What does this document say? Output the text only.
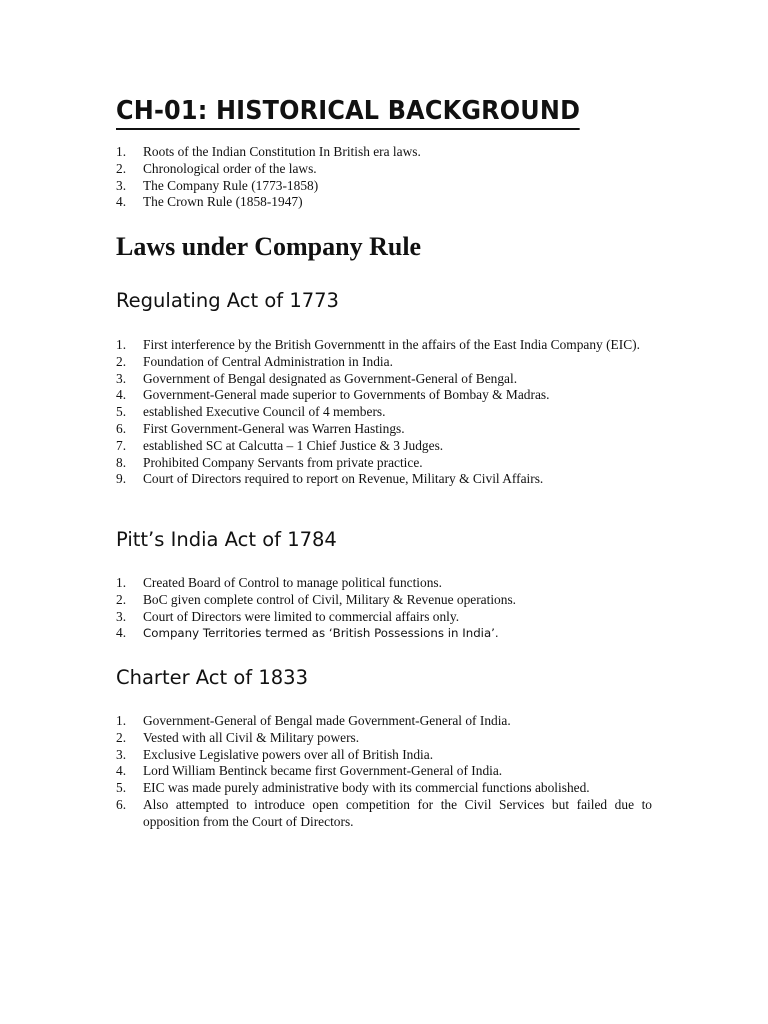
CH-01: HISTORICAL BACKGROUND
1. Roots of the Indian Constitution In British era laws.
2. Chronological order of the laws.
3. The Company Rule (1773-1858)
4. The Crown Rule (1858-1947)
Laws under Company Rule
Regulating Act of 1773
1. First interference by the British Governmentt in the affairs of the East India Company (EIC).
2. Foundation of Central Administration in India.
3. Government of Bengal designated as Government-General of Bengal.
4. Government-General made superior to Governments of Bombay & Madras.
5. established Executive Council of 4 members.
6. First Government-General was Warren Hastings.
7. established SC at Calcutta – 1 Chief Justice & 3 Judges.
8. Prohibited Company Servants from private practice.
9. Court of Directors required to report on Revenue, Military & Civil Affairs.
Pitt’s India Act of 1784
1. Created Board of Control to manage political functions.
2. BoC given complete control of Civil, Military & Revenue operations.
3. Court of Directors were limited to commercial affairs only.
4. Company Territories termed as ‘British Possessions in India’.
Charter Act of 1833
1. Government-General of Bengal made Government-General of India.
2. Vested with all Civil & Military powers.
3. Exclusive Legislative powers over all of British India.
4. Lord William Bentinck became first Government-General of India.
5. EIC was made purely administrative body with its commercial functions abolished.
6. Also attempted to introduce open competition for the Civil Services but failed due to opposition from the Court of Directors.
